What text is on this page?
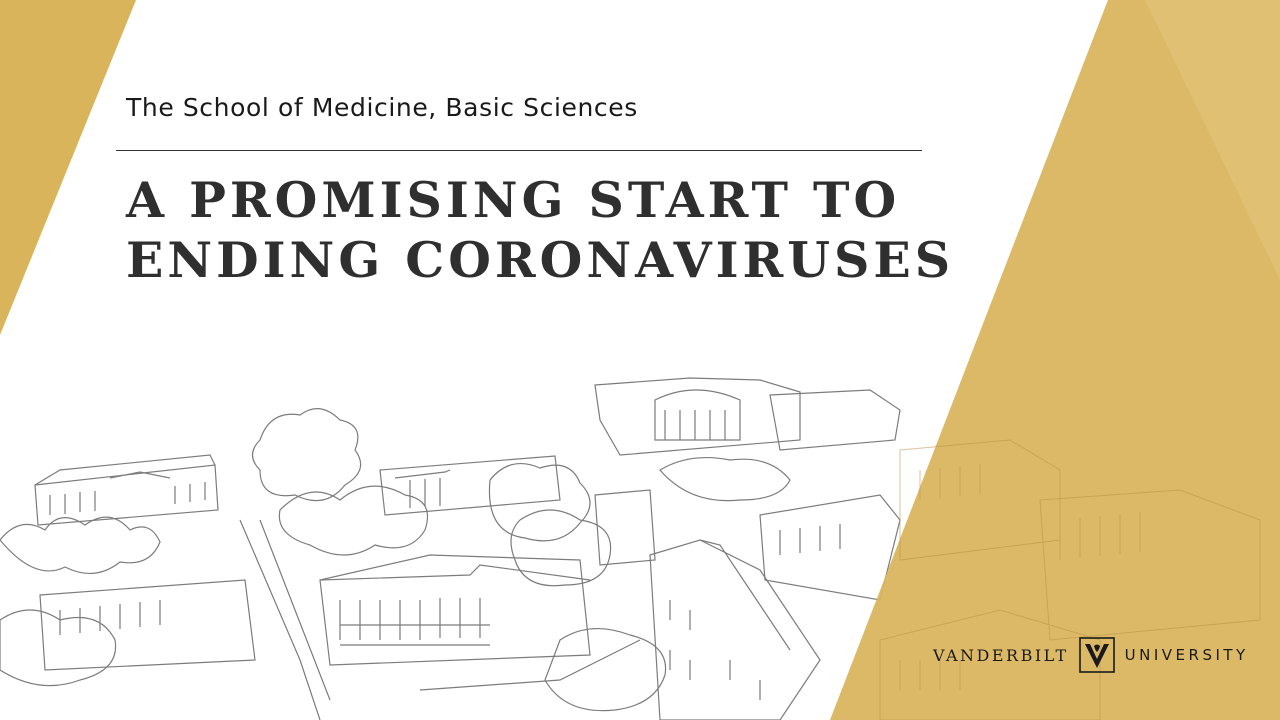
The School of Medicine, Basic Sciences
A PROMISING START TO
ENDING CORONAVIRUSES
VANDERBILT	UNIVERSITY
